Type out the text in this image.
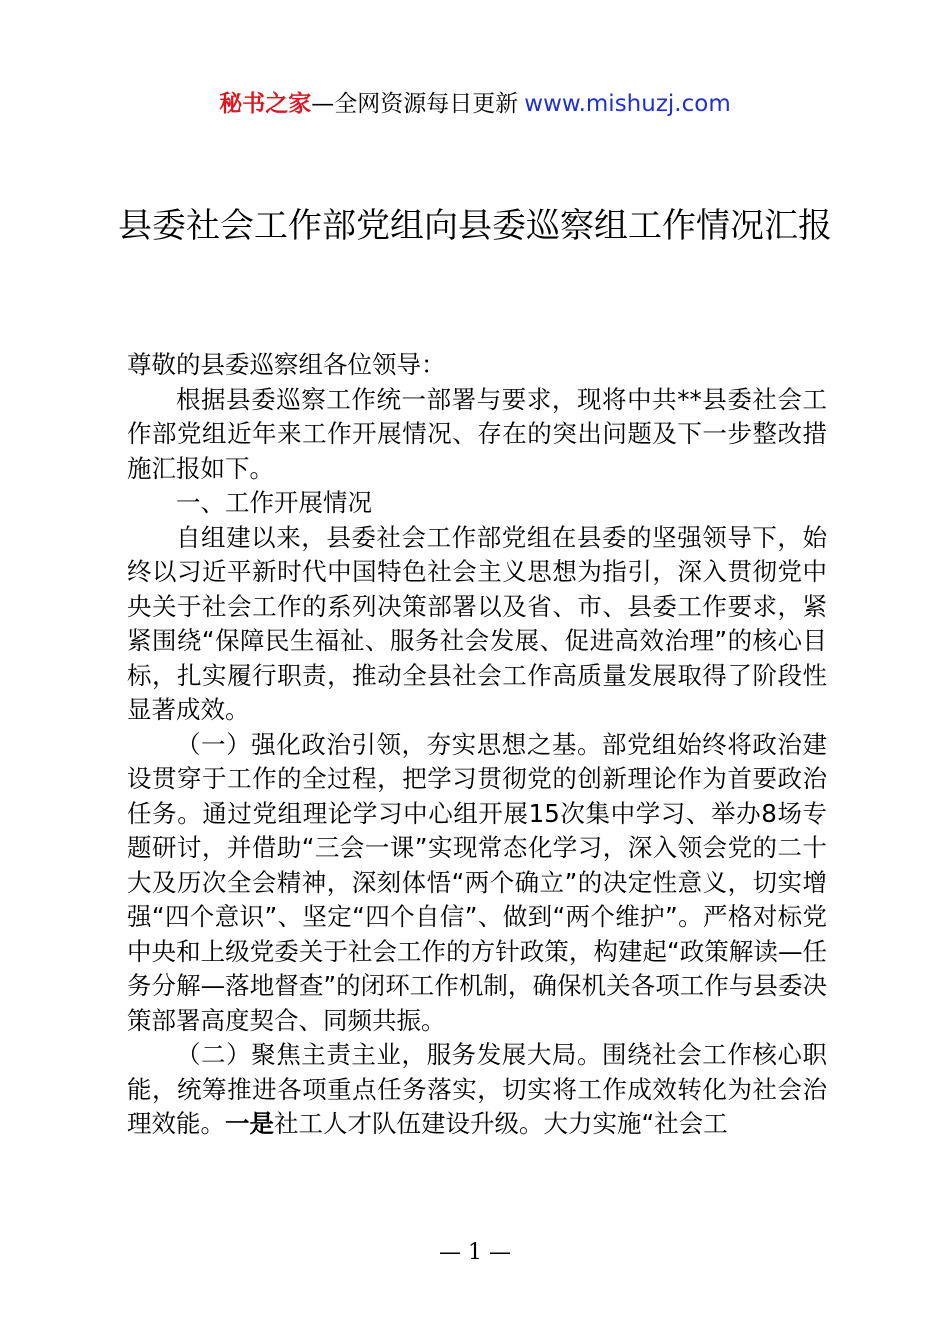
秘书之家—全网资源每日更新 www.mishuzj.com
县委社会工作部党组向县委巡察组工作情况汇报

尊敬的县委巡察组各位领导：

根据县委巡察工作统一部署与要求，现将中共**县委社会工作部党组近年来工作开展情况、存在的突出问题及下一步整改措施汇报如下。

一、工作开展情况

自组建以来，县委社会工作部党组在县委的坚强领导下，始终以习近平新时代中国特色社会主义思想为指引，深入贯彻党中央关于社会工作的系列决策部署以及省、市、县委工作要求，紧紧围绕“保障民生福祉、服务社会发展、促进高效治理”的核心目标，扎实履行职责，推动全县社会工作高质量发展取得了阶段性显著成效。

（一）强化政治引领，夯实思想之基。部党组始终将政治建设贯穿于工作的全过程，把学习贯彻党的创新理论作为首要政治任务。通过党组理论学习中心组开展15次集中学习、举办8场专题研讨，并借助“三会一课”实现常态化学习，深入领会党的二十大及历次全会精神，深刻体悟“两个确立”的决定性意义，切实增强“四个意识”、坚定“四个自信”、做到“两个维护”。严格对标党中央和上级党委关于社会工作的方针政策，构建起“政策解读—任务分解—落地督查”的闭环工作机制，确保机关各项工作与县委决策部署高度契合、同频共振。

（二）聚焦主责主业，服务发展大局。围绕社会工作核心职能，统筹推进各项重点任务落实，切实将工作成效转化为社会治理效能。一是社工人才队伍建设升级。大力实施“社会工

— 1 —
